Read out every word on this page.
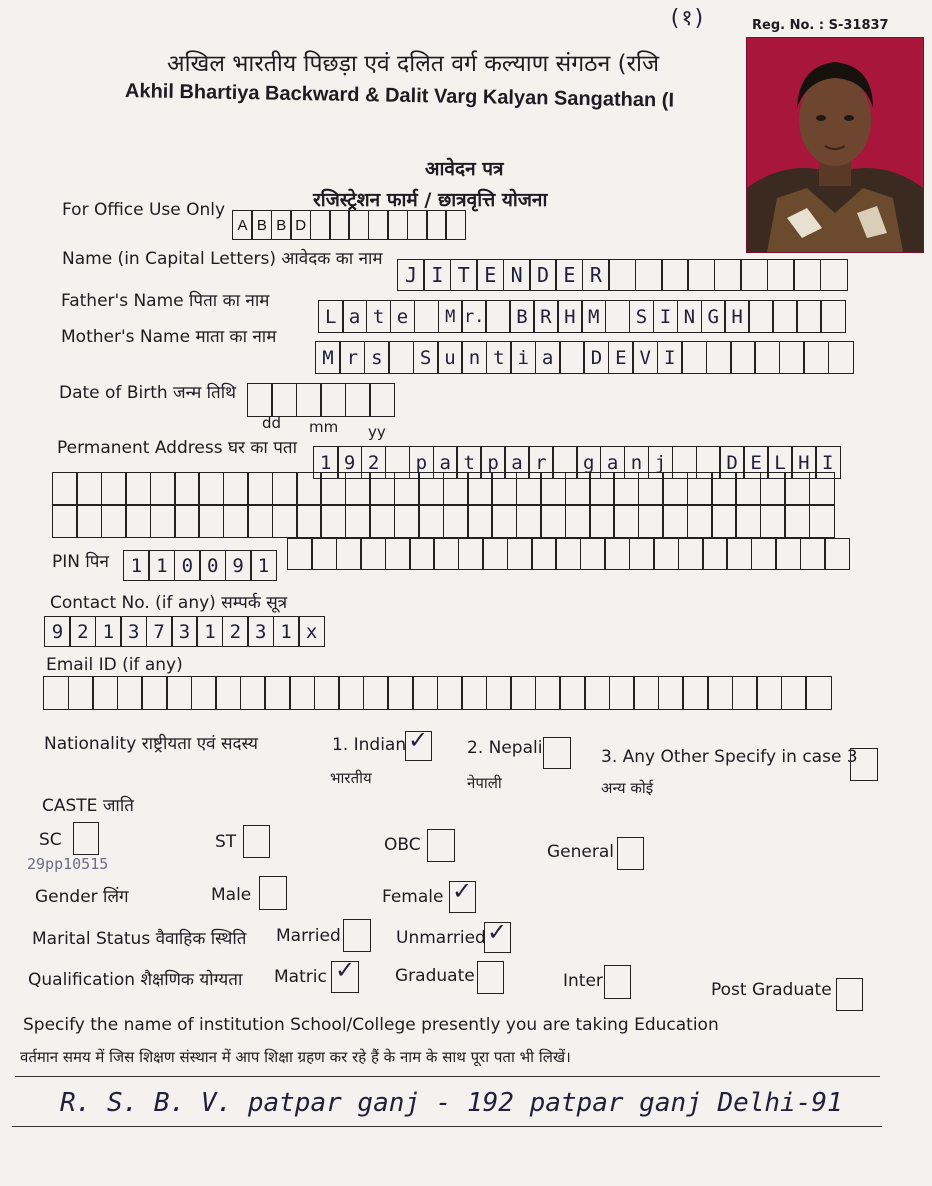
(१)	Reg. No. : S-31837
अखिल भारतीय पिछड़ा एवं दलित वर्ग कल्याण संगठन (रजि
Akhil Bhartiya Backward & Dalit Varg Kalyan Sangathan (I
आवेदन पत्र
रजिस्ट्रेशन फार्म / छात्रवृत्ति योजना
For Office Use Only
A B B D
Name (in Capital Letters) आवेदक का नाम
J I T E N D E R
Father's Name पिता का नाम
L a t e	M r.	B R H M	S I N G H
Mother's Name माता का नाम
M r s	S u n t i a	D E V I
Date of Birth जन्म तिथि
dd mm yy
Permanent Address घर का पता
1 9 2	p a t p a r	g a n j	D E L H I
PIN पिन	1 1 0 0 9 1
Contact No. (if any) सम्पर्क सूत्र
9 2 1 3 7 3 1 2 3 1 x
Email ID (if any)
Nationality राष्ट्रीयता एवं सदस्य	1. Indian ✓
भारतीय
2. Nepali
नेपाली
3. Any Other Specify in case 3
अन्य कोई
CASTE जाति
SC	ST	OBC	General
29pp10515
Gender लिंग	Male	Female ✓
Marital Status वैवाहिक स्थिति Married	Unmarried ✓
Qualification शैक्षणिक योग्यता Matric ✓ Graduate	Inter	Post Graduate
Specify the name of institution School/College presently you are taking Education
वर्तमान समय में जिस शिक्षण संस्थान में आप शिक्षा ग्रहण कर रहे हैं के नाम के साथ पूरा पता भी लिखें।
R. S. B. V. patpar ganj - 192 patpar ganj Delhi-91
